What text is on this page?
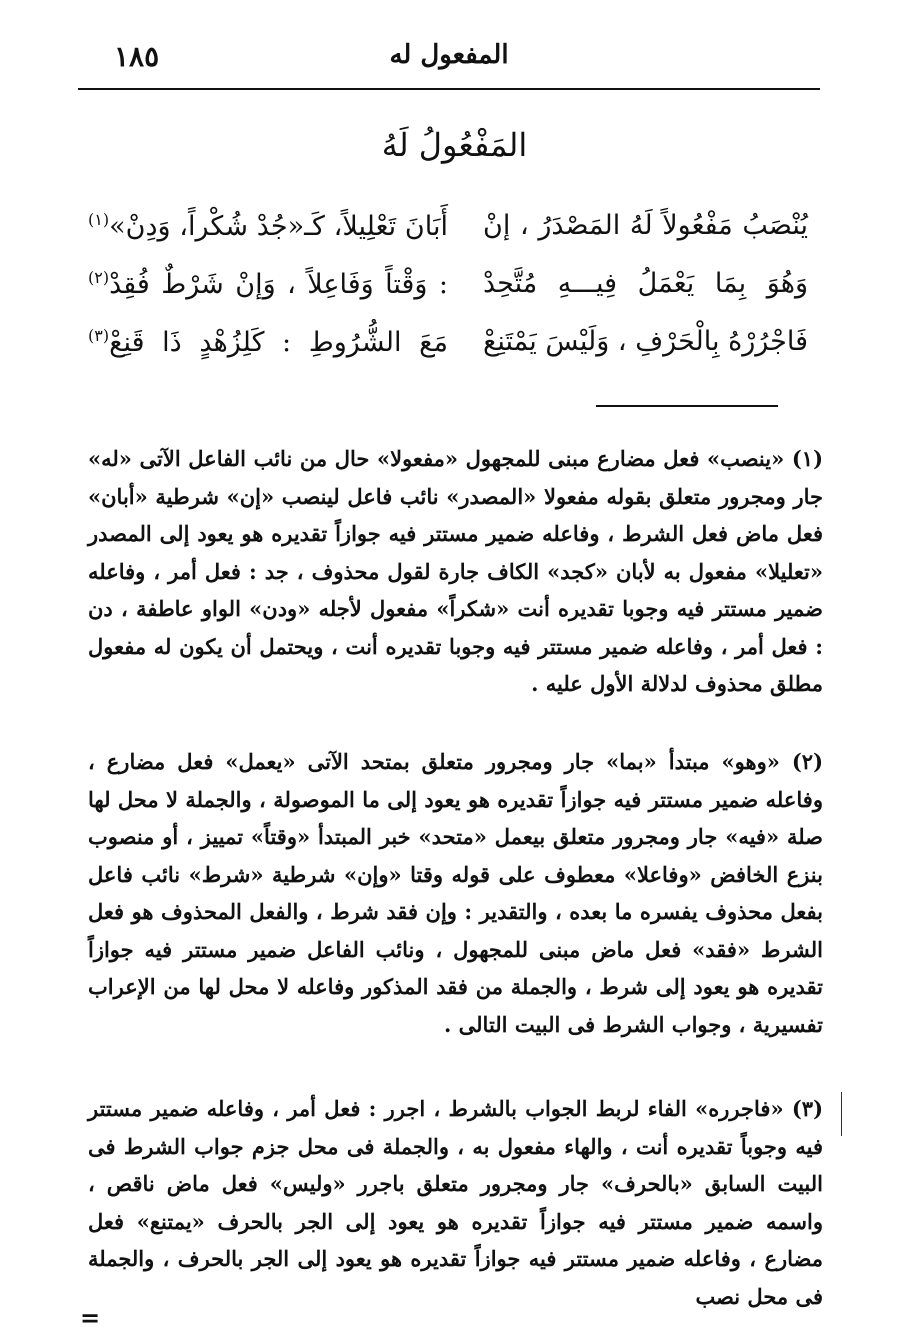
١٨٥	المفعول له
المَفْعُولُ لَهُ
يُنْصَبُ مَفْعُولاً لَهُ المَصْدَرُ ، إنْ
أَبَانَ تَعْلِيلاً، كَـ«جُدْ شُكْراً، وَدِنْ»$^{(١)}$
وَهُوَ بِمَا يَعْمَلُ فِيـــهِ مُتَّحِدْ
: وَقْتاً وَفَاعِلاً ، وَإنْ شَرْطٌ فُقِدْ$^{(٢)}$
فَاجْرُرْهُ بِالْحَرْفِ ، وَلَيْسَ يَمْتَنِعْ
مَعَ الشُّرُوطِ : كَلِزُهْدٍ ذَا قَنِعْ$^{(٣)}$
(١) «ينصب» فعل مضارع مبنى للمجهول «مفعولا» حال من نائب الفاعل الآتى «له» جار ومجرور متعلق بقوله مفعولا «المصدر» نائب فاعل لينصب «إن» شرطية «أبان» فعل ماض فعل الشرط ، وفاعله ضمير مستتر فيه جوازاً تقديره هو يعود إلى المصدر «تعليلا» مفعول به لأبان «كجد» الكاف جارة لقول محذوف ، جد : فعل أمر ، وفاعله ضمير مستتر فيه وجوبا تقديره أنت «شكراً» مفعول لأجله «ودن» الواو عاطفة ، دن : فعل أمر ، وفاعله ضمير مستتر فيه وجوبا تقديره أنت ، ويحتمل أن يكون له مفعول مطلق محذوف لدلالة الأول عليه .
(٢) «وهو» مبتدأ «بما» جار ومجرور متعلق بمتحد الآتى «يعمل» فعل مضارع ، وفاعله ضمير مستتر فيه جوازاً تقديره هو يعود إلى ما الموصولة ، والجملة لا محل لها صلة «فيه» جار ومجرور متعلق بيعمل «متحد» خبر المبتدأ «وقتاً» تمييز ، أو منصوب بنزع الخافض «وفاعلا» معطوف على قوله وقتا «وإن» شرطية «شرط» نائب فاعل بفعل محذوف يفسره ما بعده ، والتقدير : وإن فقد شرط ، والفعل المحذوف هو فعل الشرط «فقد» فعل ماض مبنى للمجهول ، ونائب الفاعل ضمير مستتر فيه جوازاً تقديره هو يعود إلى شرط ، والجملة من فقد المذكور وفاعله لا محل لها من الإعراب تفسيرية ، وجواب الشرط فى البيت التالى .
(٣) «فاجرره» الفاء لربط الجواب بالشرط ، اجرر : فعل أمر ، وفاعله ضمير مستتر فيه وجوباً تقديره أنت ، والهاء مفعول به ، والجملة فى محل جزم جواب الشرط فى البيت السابق «بالحرف» جار ومجرور متعلق باجرر «وليس» فعل ماض ناقص ، واسمه ضمير مستتر فيه جوازاً تقديره هو يعود إلى الجر بالحرف «يمتنع» فعل مضارع ، وفاعله ضمير مستتر فيه جوازاً تقديره هو يعود إلى الجر بالحرف ، والجملة فى محل نصب
=
